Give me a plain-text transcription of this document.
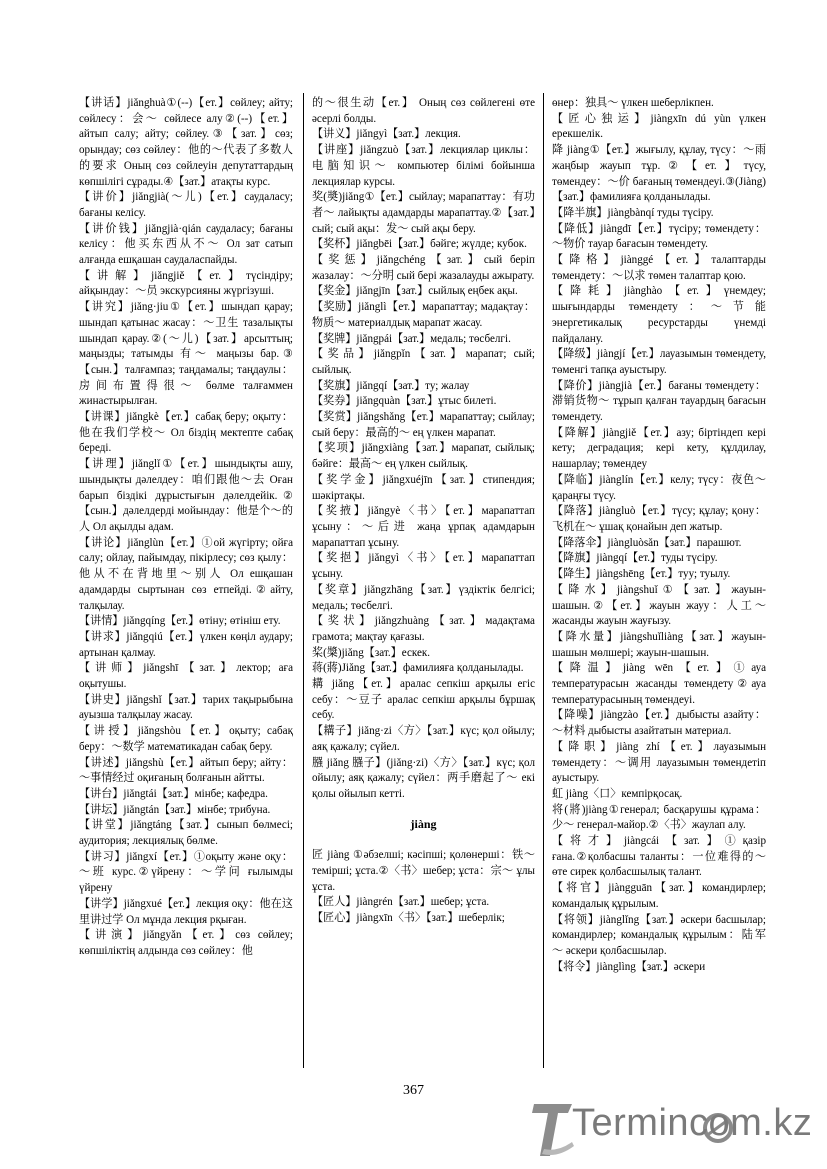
【讲话】jiǎnghuà①(--)【ет.】сөйлеу; айту; сөйлесу：会～ сөйлесе алу②(--)【ет.】айтып салу; айту; сөйлеу.③【зат.】сөз; орындау; сөз сөйлеу：他的～代表了多数人的要求 Оның сөз сөйлеуін депутаттардың көпшілігі сұрады.④【зат.】атақты курс.

【讲价】jiǎngjià(～儿)【ет.】саудаласу; бағаны келісу.

【讲价钱】jiǎngjià·qián саудаласу; бағаны келісу：他买东西从不～ Ол зат сатып алғанда ешқашан саудаласпайды.

【讲解】jiǎngjiě【ет.】түсіндіру; айқындау：～员 экскурсияны жүргізуші.

【讲究】jiǎng·jiu①【ет.】шындап қарау; шындап қатынас жасау：～卫生 тазалықты шындап қарау.②(～儿)【зат.】арсыттың; маңызды; татымды 有～ маңызы бар.③【сын.】талғампаз; таңдамалы; таңдаулы：房间布置得很～ бөлме талғаммен жинастырылған.

【讲课】jiǎngkè【ет.】сабақ беру; оқыту：他在我们学校～ Ол біздің мектепте сабақ береді.

【讲理】jiǎnglǐ①【ет.】шындықты ашу, шындықты дәлелдеу：咱们跟他～去 Оған барып біздікі дұрыстығын дәлелдейік.②【сын.】дәлелдерді мойындау：他是个～的人 Ол ақылды адам.

【讲论】jiǎnglùn【ет.】①ой жүгірту; ойға салу; ойлау, пайымдау, пікірлесу; сөз қылу：他从不在背地里～别人 Ол ешқашан адамдарды сыртынан сөз етпейді.②айту, талқылау.

【讲情】jiǎngqíng【ет.】өтіну; өтініш ету.

【讲求】jiǎngqiú【ет.】үлкен көңіл аудару; артынан қалмау.

【讲师】jiǎngshī【зат.】лектор; аға оқытушы.

【讲史】jiǎngshǐ【зат.】тарих тақырыбына ауызша талқылау жасау.

【讲授】jiǎngshòu【ет.】оқыту; сабақ беру：～数学 математикадан сабақ беру.

【讲述】jiǎngshù【ет.】айтып беру; айту：～事情经过 оқиғаның болғанын айтты.

【讲台】jiǎngtái【зат.】мінбе; кафедра.

【讲坛】jiǎngtán【зат.】мінбе; трибуна.

【讲堂】jiǎngtáng【зат.】сынып бөлмесі; аудитория; лекциялық бөлме.

【讲习】jiǎngxí【ет.】①оқыту және оқу：～班 курс.②үйрену：～学问 ғылымды үйрену

【讲学】jiǎngxué【ет.】лекция оқу：他在这里讲过学 Ол мұнда лекция рқыған.

【讲演】jiǎngyǎn【ет.】сөз сөйлеу; көпшіліктің алдында сөз сөйлеу：他

的～很生动【ет.】 Оның сөз сөйлегені өте әсерлі болды.

【讲义】jiǎngyì【зат.】лекция.

【讲座】jiǎngzuò【зат.】лекциялар циклы：电脑知识～ компьютер білімі бойынша лекциялар курсы.

奖(奬)jiǎng①【ет.】сыйлау; марапаттау：有功者～ лайықты адамдарды марапаттау.②【зат.】сый; сый ақы：发～ сый ақы беру.

【奖杯】jiǎngbēi【зат.】бәйге; жүлде; кубок.

【奖惩】jiǎngchéng【зат.】сый беріп жазалау：～分明 сый бері жазалауды ажырату.

【奖金】jiǎngjīn【зат.】сыйлық еңбек ақы.

【奖励】jiǎnglì【ет.】марапаттау; мадақтау：物质～ материалдық марапат жасау.

【奖牌】jiǎngpái【зат.】медаль; төсбелгі.

【奖品】jiǎngpǐn【зат.】марапат; сый; сыйлық.

【奖旗】jiǎngqí【зат.】ту; жалау

【奖券】jiǎngquàn【зат.】ұтыс билеті.

【奖赏】jiǎngshǎng【ет.】марапаттау; сыйлау; сый беру：最高的～ ең үлкен марапат.

【奖项】jiǎngxiàng【зат.】марапат, сыйлық; бәйге：最高～ ең үлкен сыйлық.

【奖学金】jiǎngxuéjīn【зат.】стипендия; шәкіртақы.

【奖掖】jiǎngyè〈书〉【ет.】марапаттап ұсыну：～后进 жаңа ұрпақ адамдарын марапаттап ұсыну.

【奖挹】jiǎngyì〈书〉【ет.】марапаттап ұсыну.

【奖章】jiǎngzhāng【зат.】үздіктік белгісі; медаль; төсбелгі.

【奖状】jiǎngzhuàng【зат.】мадақтама грамота; мақтау қағазы.

桨(槳)jiǎng【зат.】ескек.

蒋(蔣)Jiǎng【зат.】фамилияға қолданылады.

耩 jiǎng【ет.】аралас сепкіш арқылы егіс себу：～豆子 аралас сепкіш арқылы бұршақ себу.

【耩子】jiǎng·zi〈方〉【зат.】күс; қол ойылу; аяқ қажалу; сүйел.

膙 jiǎng 膙子】(jiǎng·zi)〈方〉【зат.】күс; қол ойылу; аяқ қажалу; сүйел：两手磨起了～ екі қолы ойылып кетті.

jiàng

匠 jiàng ①әбзелші; кәсіпші; қолөнерші：铁～ темірші; ұста.②〈书〉шебер; ұста：宗～ ұлы ұста.

【匠人】jiàngrén【зат.】шебер; ұста.

【匠心】jiàngxīn〈书〉【зат.】шеберлік;

өнер：独具～ үлкен шеберлікпен.

【匠心独运】jiàngxīn dú yùn үлкен ерекшелік.

降 jiàng①【ет.】жығылу, құлау, түсу：～雨 жаңбыр жауып тұр.②【ет.】түсу, төмендеу：～价 бағаның төмендеуі.③(Jiàng)【зат.】фамилияға қолданылады.

【降半旗】jiàngbànqí туды түсіру.

【降低】jiàngdī【ет.】түсіру; төмендету：～物价 тауар бағасын төмендету.

【降格】jiànggé【ет.】талаптарды төмендету：～以求 төмен талаптар қою.

【降耗】jiànghào【ет.】үнемдеу; шығындарды төмендету：～节能 энергетикалық ресурстарды үнемді пайдалану.

【降级】jiàngjí【ет.】лауазымын төмендету, төменгі тапқа ауыстыру.

【降价】jiàngjià【ет.】бағаны төмендету：滞销货物～ тұрып қалған тауардың бағасын төмендету.

【降解】jiàngjiě【ет.】азу; біртіндеп кері кету; деградация; кері кету, құлдилау, нашарлау; төмендеу

【降临】jiànglín【ет.】келу; түсу：夜色～ қараңғы түсу.

【降落】jiàngluò【ет.】түсу; құлау; қону：飞机在～ ұшақ қонайын деп жатыр.

【降落伞】jiàngluòsǎn【зат.】парашют.

【降旗】jiàngqí【ет.】туды түсіру.

【降生】jiàngshēng【ет.】туу; туылу.

【降水】jiàngshuǐ①【зат.】жауын-шашын.②【ет.】жауын жауу：人工～ жасанды жауын жауғызу.

【降水量】jiàngshuǐliàng【зат.】жауын-шашын мөлшері; жауын-шашын.

【降温】jiàng wēn【ет.】①ауа температурасын жасанды төмендету②ауа температурасының төмендеуі.

【降噪】jiàngzào【ет.】дыбысты азайту：～材料 дыбысты азайтатын материал.

【降职】jiàng zhí【ет.】лауазымын төмендету：～调用 лауазымын төмендетіп ауыстыру.

虹 jiàng〈口〉кемпірқосақ.

将(將)jiàng①генерал; басқарушы құрама：少～ генерал-майор.②〈书〉жаулап алу.

【将才】jiàngcái【зат.】①қазір ғана.②қолбасшы таланты：一位难得的～ өте сирек қолбасшылық талант.

【将官】jiàngguān【зат.】командирлер; командалық құрылым.

【将领】jiànglǐng【зат.】әскери басшылар; командирлер; командалық құрылым：陆军～ әскери қолбасшылар.

【将令】jiànglìng【зат.】әскери

367
Termincom.kz
